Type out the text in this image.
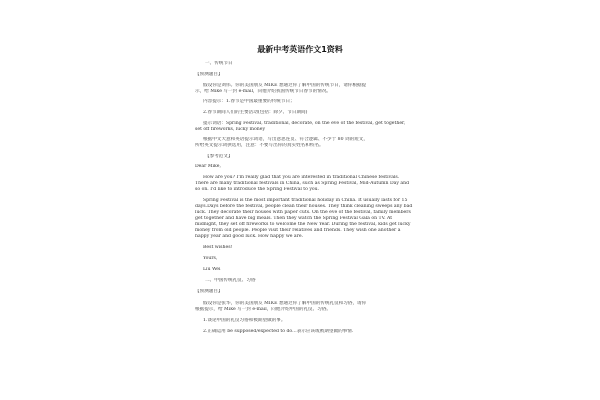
最新中考英语作文1资料
一、传统节日
【预测题目】
假设你是刘伟。你的美国朋友 MIKE 想通过你了解中国的传统节日，请你根据提
示，给 Mike 写一封 e-mail，向他介绍我国传统节日春节的情况。
内容提示：1.春节是中国最重要的传统节日；
2.春节期间人们的主要活动(包括：除夕、节日期间)
提示词语：Spring Festival, traditional, decorate, on the eve of the festival, get together,
set off fireworks, lucky money
根据中文大意和英语提示词语，写出意思连贯、符合逻辑、不少于 80 词的短文，
所给英文提示词供选用，注意：不要写出你的真实姓名和校名。
【参考范文】
Dear Mike,
How are you? I'm really glad that you are interested in traditional Chinese festivals.
There are many traditional festivals in China, such as Spring Festival, Mid-Autumn Day and
so on. I'd like to introduce the Spring Festival to you.
Spring Festival is the most important traditional holiday in China. It usually lasts for 15
days.Days before the festival, people clean their houses. They think cleaning sweeps any bad
luck. They decorate their houses with paper cuts. On the eve of the festival, family members
get together and have big meals. Then they watch the Spring Festival Gala on TV. At
midnight, they set off fireworks to welcome the New Year. During the festival, kids get lucky
money from old people. People visit their relatives and friends. They wish one another a
happy year and good luck. How happy we are.
Best wishes!
Yours,
Liu Wei
二、中国传统礼仪、习俗
【预测题目】
假设你是张华，你的美国朋友 MIKE 想通过你了解中国的传统礼仪和习俗，请你
根据提示，给 Mike 写一封 e-mail，向他介绍中国的礼仪、习俗。
1.谈论中国的礼仪习俗和被期望做的事。
2.正确运用 be supposed/expected to do…表示应该或被期望做的事情.
